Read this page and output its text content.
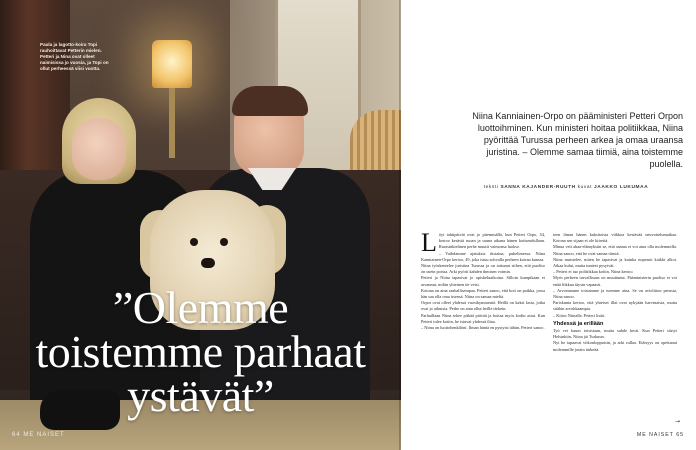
Paula ja lagotto-koira Topi rauhoittavat Petterin mielen. Petteri ja Nina ovat olleet naimisissa jo vuosia, ja Topi on ollut perheessä viisi vuotta.

”Olemme
toistemme parhaat
ystävät”
64 ME NAISET

Niina Kanniainen-Orpo on pääministeri Petteri Orpon luottoihminen. Kun ministeri hoitaa politiikkaa, Niina pyörittää Turussa perheen arkea ja omaa uraansa juristina. – Olemme samaa tiimiä, aina toistemme puolella.

teksti SANNA KAJANDER-RUUTH kuvat JAAKKO LUKUMAA
L öyt tahtipäivät ovat jo pitemmällä, kun Petteri Orpo, 54, kertoo kesästä ruoan ja sauna aikana hänen kotiseudullaan. Ruotsinkielinen perhe muutti vaimonsa luokse.

– Vaihdamme ajatuksia tiistaina, puhelimessa. Niina Kanniainen-Orpo kertoo, 49, joka istuu sohvalla perheen koiran kanssa.

Niina työskentelee juristina Turussa ja on tottunut siihen, että puoliso on usein poissa. Arki pyörii kahden ihmisen voimin.

Petteri ja Niina tapasivat jo opiskeluaikoina. Silloin kumpikaan ei arvannut, mihin yhteinen tie veisi.

Kotona on aina rauhallisempaa. Petteri sanoo, että koti on paikka, jossa hän saa olla oma itsensä. Niina on samaa mieltä.

Orpot ovat olleet yhdessä vuosikymmeniä. Heillä on kaksi lasta, jotka ovat jo aikuisia. Perhe on aina ollut heille tärkein.

Parhaillaan Niina tekee pitkää päivää ja hoitaa myös kodin asiat. Kun Petteri tulee kotiin, he istuvat yhdessä iltaa.

– Niina on luottohenkilöni. Ilman häntä en pystyisi tähän, Petteri sanoo.

teen ilman hänen kaksitoista viikkoa kestävää neuvottelumatkaa. Kotona sen sijaan ei ole kiirettä.

Minua veti ahaa-elämyksiin se, että samaa ei voi aina olla molemmilla. Niina sanoo, että he ovat samaa tiimiä.

Niina muistelee, miten he tapasivat ja kuinka nopeasti kaikki alkoi. Aikaa kului, mutta tunteet pysyivät.

– Petteri ei tuo politiikkaa kotiin, Niina kertoo.

Myös perheen turvallisuus on muuttunut. Pääministerin puoliso ei voi enää liikkua täysin vapaasti.

– Arvostamme toisiamme ja tuemme aina. Se on avioliiton perusta, Niina sanoo.

Pariskunta kertoo, että yhteiset illat ovat nykyään harvinaisia, mutta sitäkin arvokkaampia.

– Kiitos Niinalle, Petteri lisää.

Yhdessä ja erillään

Työ vei kauas toisistaan, mutta suhde kesti. Kun Petteri siirtyi Helsinkiin, Niina jäi Turkuun.

Nyt he tapaavat viikonloppuisin, ja arki rullaa. Etäisyys on opettanut molemmille jotain tärkeää.

→
ME NAISET 65
